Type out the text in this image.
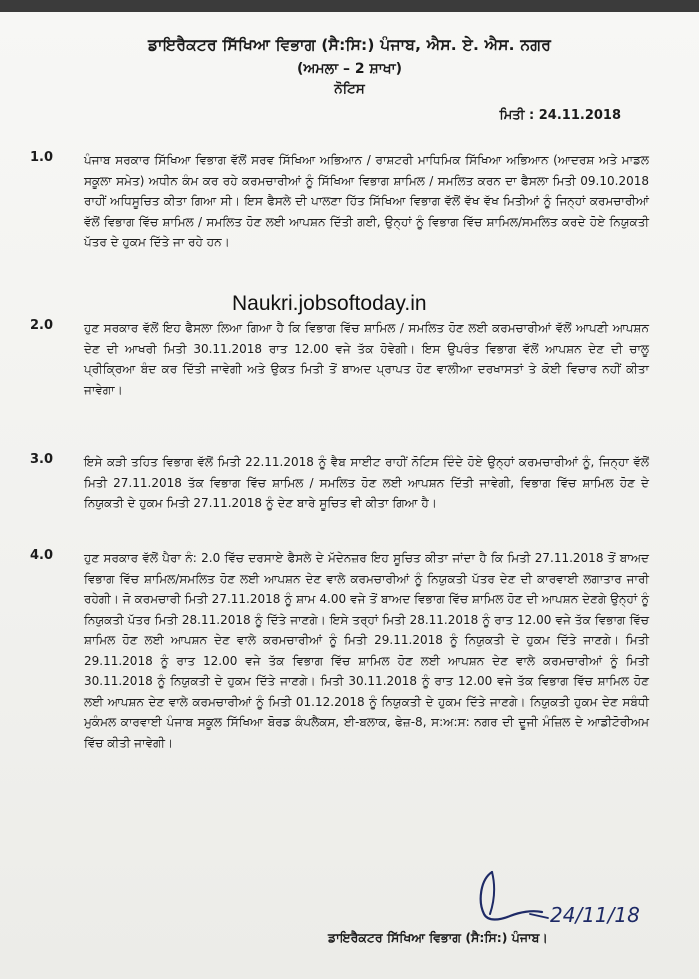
ਡਾਇਰੈਕਟਰ ਸਿੱਖਿਆ ਵਿਭਾਗ (ਸੈ:ਸਿ:) ਪੰਜਾਬ, ਐਸ. ਏ. ਐਸ. ਨਗਰ
(ਅਮਲਾ – 2 ਸ਼ਾਖਾ)
ਨੋਟਿਸ
ਮਿਤੀ : 24.11.2018
1.0	ਪੰਜਾਬ ਸਰਕਾਰ ਸਿੱਖਿਆ ਵਿਭਾਗ ਵੱਲੋਂ ਸਰਵ ਸਿੱਖਿਆ ਅਭਿਆਨ / ਰਾਸ਼ਟਰੀ ਮਾਧਿਮਿਕ ਸਿੱਖਿਆ ਅਭਿਆਨ (ਆਦਰਸ਼ ਅਤੇ ਮਾਡਲ ਸਕੂਲਾ ਸਮੇਤ) ਅਧੀਨ ਕੰਮ ਕਰ ਰਹੇ ਕਰਮਚਾਰੀਆਂ ਨੂੰ ਸਿੱਖਿਆ ਵਿਭਾਗ ਸ਼ਾਮਿਲ / ਸਮਲਿਤ ਕਰਨ ਦਾ ਫੈਸਲਾ ਮਿਤੀ 09.10.2018 ਰਾਹੀਂ ਅਧਿਸੂਚਿਤ ਕੀਤਾ ਗਿਆ ਸੀ। ਇਸ ਫੈਸਲੇ ਦੀ ਪਾਲਣਾ ਹਿੱਤ ਸਿੱਖਿਆ ਵਿਭਾਗ ਵੱਲੋਂ ਵੱਖ ਵੱਖ ਮਿਤੀਆਂ ਨੂੰ ਜਿਨ੍ਹਾਂ ਕਰਮਚਾਰੀਆਂ ਵੱਲੋਂ ਵਿਭਾਗ ਵਿੱਚ ਸ਼ਾਮਿਲ / ਸਮਲਿਤ ਹੋਣ ਲਈ ਆਪਸ਼ਨ ਦਿੱਤੀ ਗਈ, ਉਨ੍ਹਾਂ ਨੂੰ ਵਿਭਾਗ ਵਿੱਚ ਸ਼ਾਮਿਲ/ਸਮਲਿਤ ਕਰਦੇ ਹੋਏ ਨਿਯੁਕਤੀ ਪੱਤਰ ਦੇ ਹੁਕਮ ਦਿੱਤੇ ਜਾ ਰਹੇ ਹਨ।
Naukri.jobsoftoday.in
2.0	ਹੁਣ ਸਰਕਾਰ ਵੱਲੋਂ ਇਹ ਫੈਸਲਾ ਲਿਆ ਗਿਆ ਹੈ ਕਿ ਵਿਭਾਗ ਵਿੱਚ ਸ਼ਾਮਿਲ / ਸਮਲਿਤ ਹੋਣ ਲਈ ਕਰਮਚਾਰੀਆਂ ਵੱਲੋਂ ਆਪਣੀ ਆਪਸ਼ਨ ਦੇਣ ਦੀ ਆਖਰੀ ਮਿਤੀ 30.11.2018 ਰਾਤ 12.00 ਵਜੇ ਤੱਕ ਹੋਵੇਗੀ। ਇਸ ਉਪਰੰਤ ਵਿਭਾਗ ਵੱਲੋਂ ਆਪਸ਼ਨ ਦੇਣ ਦੀ ਚਾਲੂ ਪ੍ਰੀਕ੍ਰਿਆ ਬੰਦ ਕਰ ਦਿੱਤੀ ਜਾਵੇਗੀ ਅਤੇ ਉਕਤ ਮਿਤੀ ਤੋਂ ਬਾਅਦ ਪ੍ਰਾਪਤ ਹੋਣ ਵਾਲੀਆ ਦਰਖਾਸਤਾਂ ਤੇ ਕੋਈ ਵਿਚਾਰ ਨਹੀਂ ਕੀਤਾ ਜਾਵੇਗਾ।
3.0	ਇਸੇ ਕੜੀ ਤਹਿਤ ਵਿਭਾਗ ਵੱਲੋਂ ਮਿਤੀ 22.11.2018 ਨੂੰ ਵੈਬ ਸਾਈਟ ਰਾਹੀਂ ਨੋਟਿਸ ਦਿੰਦੇ ਹੋਏ ਉਨ੍ਹਾਂ ਕਰਮਚਾਰੀਆਂ ਨੂੰ, ਜਿਨ੍ਹਾ ਵੱਲੋਂ ਮਿਤੀ 27.11.2018 ਤੱਕ ਵਿਭਾਗ ਵਿੱਚ ਸ਼ਾਮਿਲ / ਸਮਲਿਤ ਹੋਣ ਲਈ ਆਪਸ਼ਨ ਦਿੱਤੀ ਜਾਵੇਗੀ, ਵਿਭਾਗ ਵਿੱਚ ਸ਼ਾਮਿਲ ਹੋਣ ਦੇ ਨਿਯੁਕਤੀ ਦੇ ਹੁਕਮ ਮਿਤੀ 27.11.2018 ਨੂੰ ਦੇਣ ਬਾਰੇ ਸੂਚਿਤ ਵੀ ਕੀਤਾ ਗਿਆ ਹੈ।
4.0	ਹੁਣ ਸਰਕਾਰ ਵੱਲੋਂ ਪੈਰਾ ਨੰ: 2.0 ਵਿੱਚ ਦਰਸਾਏ ਫੈਸਲੇ ਦੇ ਮੱਦੇਨਜ਼ਰ ਇਹ ਸੂਚਿਤ ਕੀਤਾ ਜਾਂਦਾ ਹੈ ਕਿ ਮਿਤੀ 27.11.2018 ਤੋਂ ਬਾਅਦ ਵਿਭਾਗ ਵਿੱਚ ਸ਼ਾਮਿਲ/ਸਮਲਿਤ ਹੋਣ ਲਈ ਆਪਸ਼ਨ ਦੇਣ ਵਾਲੇ ਕਰਮਚਾਰੀਆਂ ਨੂੰ ਨਿਯੁਕਤੀ ਪੱਤਰ ਦੇਣ ਦੀ ਕਾਰਵਾਈ ਲਗਾਤਾਰ ਜਾਰੀ ਰਹੇਗੀ। ਜੋ ਕਰਮਚਾਰੀ ਮਿਤੀ 27.11.2018 ਨੂੰ ਸ਼ਾਮ 4.00 ਵਜੇ ਤੋਂ ਬਾਅਦ ਵਿਭਾਗ ਵਿੱਚ ਸ਼ਾਮਿਲ ਹੋਣ ਦੀ ਆਪਸ਼ਨ ਦੇਣਗੇ ਉਨ੍ਹਾਂ ਨੂੰ ਨਿਯੁਕਤੀ ਪੱਤਰ ਮਿਤੀ 28.11.2018 ਨੂੰ ਦਿੱਤੇ ਜਾਣਗੇ। ਇਸੇ ਤਰ੍ਹਾਂ ਮਿਤੀ 28.11.2018 ਨੂੰ ਰਾਤ 12.00 ਵਜੇ ਤੱਕ ਵਿਭਾਗ ਵਿੱਚ ਸ਼ਾਮਿਲ ਹੋਣ ਲਈ ਆਪਸ਼ਨ ਦੇਣ ਵਾਲੇ ਕਰਮਚਾਰੀਆਂ ਨੂੰ ਮਿਤੀ 29.11.2018 ਨੂੰ ਨਿਯੁਕਤੀ ਦੇ ਹੁਕਮ ਦਿੱਤੇ ਜਾਣਗੇ। ਮਿਤੀ 29.11.2018 ਨੂੰ ਰਾਤ 12.00 ਵਜੇ ਤੱਕ ਵਿਭਾਗ ਵਿੱਚ ਸ਼ਾਮਿਲ ਹੋਣ ਲਈ ਆਪਸ਼ਨ ਦੇਣ ਵਾਲੇ ਕਰਮਚਾਰੀਆਂ ਨੂੰ ਮਿਤੀ 30.11.2018 ਨੂੰ ਨਿਯੁਕਤੀ ਦੇ ਹੁਕਮ ਦਿੱਤੇ ਜਾਣਗੇ। ਮਿਤੀ 30.11.2018 ਨੂੰ ਰਾਤ 12.00 ਵਜੇ ਤੱਕ ਵਿਭਾਗ ਵਿੱਚ ਸ਼ਾਮਿਲ ਹੋਣ ਲਈ ਆਪਸ਼ਨ ਦੇਣ ਵਾਲੇ ਕਰਮਚਾਰੀਆਂ ਨੂੰ ਮਿਤੀ 01.12.2018 ਨੂੰ ਨਿਯੁਕਤੀ ਦੇ ਹੁਕਮ ਦਿੱਤੇ ਜਾਣਗੇ। ਨਿਯੁਕਤੀ ਹੁਕਮ ਦੇਣ ਸਬੰਧੀ ਮੁਕੰਮਲ ਕਾਰਵਾਈ ਪੰਜਾਬ ਸਕੂਲ ਸਿੱਖਿਆ ਬੋਰਡ ਕੰਪਲੈਕਸ, ਈ-ਬਲਾਕ, ਫੇਜ਼-8, ਸ:ਅ:ਸ: ਨਗਰ ਦੀ ਦੂਜੀ ਮੰਜ਼ਿਲ ਦੇ ਆਡੀਟੋਰੀਅਮ ਵਿੱਚ ਕੀਤੀ ਜਾਵੇਗੀ।
24/11/18
ਡਾਇਰੈਕਟਰ ਸਿੱਖਿਆ ਵਿਭਾਗ (ਸੈ:ਸਿ:) ਪੰਜਾਬ।
